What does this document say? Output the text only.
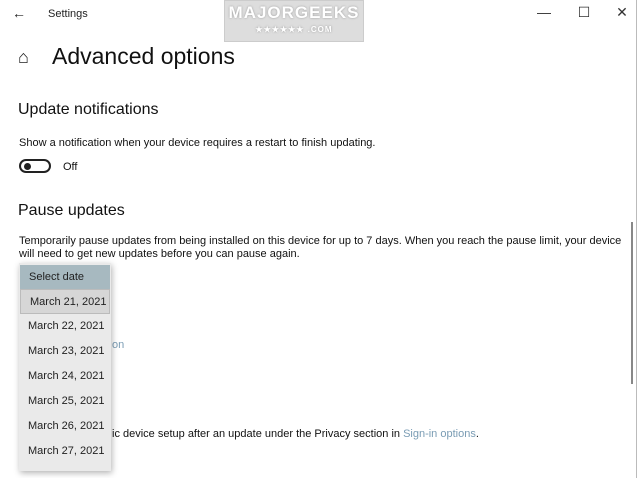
← Settings	MAJORGEEKS
★★★★★★ .COM
—	☐	✕
⌂ Advanced options
Update notifications
Show a notification when your device requires a restart to finish updating.
Off
Pause updates
Temporarily pause updates from being installed on this device for up to 7 days. When you reach the pause limit, your device will need to get new updates before you can pause again.
on
ic device setup after an update under the Privacy section in Sign-in options.
Select date
March 21, 2021
March 22, 2021
March 23, 2021
March 24, 2021
March 25, 2021
March 26, 2021
March 27, 2021
